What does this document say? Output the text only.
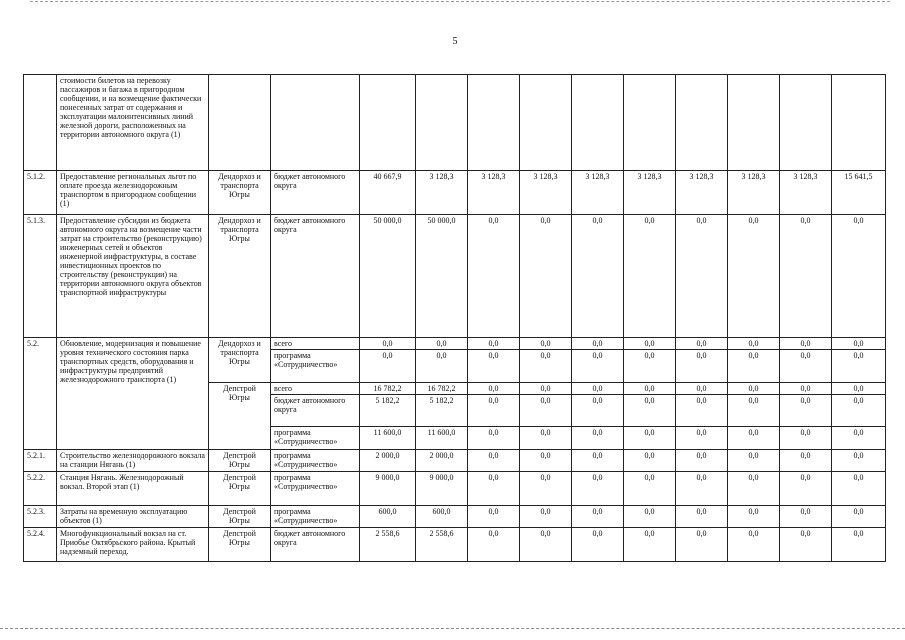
5
	стоимости билетов на перевозку пассажиров и багажа в пригородном сообщении, и на возмещение фактически понесенных затрат от содержания и эксплуатации малоинтенсивных линий железной дороги, расположенных на территории автономного округа (1)												
5.1.2.	Предоставление региональных льгот по оплате проезда железнодорожным транспортом в пригородном сообщении (1)	Дендорхоз и транспорта Югры	бюджет автономного округа	40 667,9	3 128,3	3 128,3	3 128,3	3 128,3	3 128,3	3 128,3	3 128,3	3 128,3	15 641,5
5.1.3.	Предоставление субсидии из бюджета автономного округа на возмещение части затрат на строительство (реконструкцию) инженерных сетей и объектов инженерной инфраструктуры, в составе инвестиционных проектов по строительству (реконструкции) на территории автономного округа объектов транспортной инфраструктуры	Дендорхоз и транспорта Югры	бюджет автономного округа	50 000,0	50 000,0	0,0	0,0	0,0	0,0	0,0	0,0	0,0	0,0
5.2.	Обновление, модернизация и повышение уровня технического состояния парка транспортных средств, оборудования и инфраструктуры предприятий железнодорожного транспорта (1)	Дендорхоз и транспорта Югры	всего	0,0	0,0	0,0	0,0	0,0	0,0	0,0	0,0	0,0	0,0
			программа «Сотрудничество»	0,0	0,0	0,0	0,0	0,0	0,0	0,0	0,0	0,0	0,0
		Депстрой Югры	всего	16 782,2	16 782,2	0,0	0,0	0,0	0,0	0,0	0,0	0,0	0,0
			бюджет автономного округа	5 182,2	5 182,2	0,0	0,0	0,0	0,0	0,0	0,0	0,0	0,0
			программа «Сотрудничество»	11 600,0	11 600,0	0,0	0,0	0,0	0,0	0,0	0,0	0,0	0,0
5.2.1.	Строительство железнодорожного вокзала на станции Нягань (1)	Депстрой Югры	программа «Сотрудничество»	2 000,0	2 000,0	0,0	0,0	0,0	0,0	0,0	0,0	0,0	0,0
5.2.2.	Станция Нягань. Железнодорожный вокзал. Второй этап (1)	Депстрой Югры	программа «Сотрудничество»	9 000,0	9 000,0	0,0	0,0	0,0	0,0	0,0	0,0	0,0	0,0
5.2.3.	Затраты на временную эксплуатацию объектов (1)	Депстрой Югры	программа «Сотрудничество»	600,0	600,0	0,0	0,0	0,0	0,0	0,0	0,0	0,0	0,0
5.2.4.	Многофункциональный вокзал на ст. Приобье Октябрьского района. Крытый надземный переход.	Депстрой Югры	бюджет автономного округа	2 558,6	2 558,6	0,0	0,0	0,0	0,0	0,0	0,0	0,0	0,0
